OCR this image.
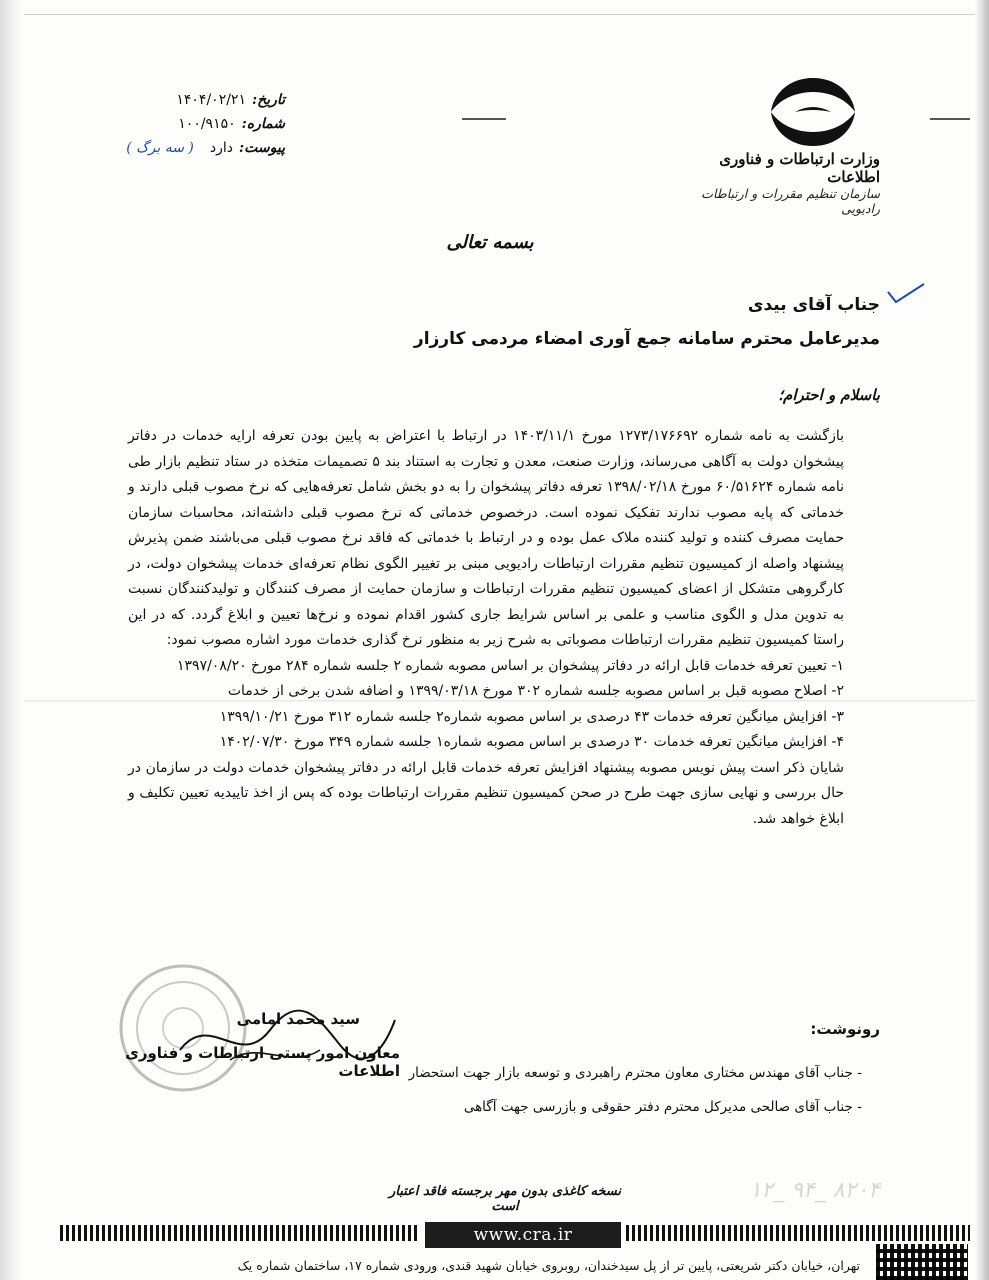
وزارت ارتباطات و فناوری اطلاعات
سازمان تنظیم مقررات و ارتباطات رادیویی
تاریخ:
۱۴۰۴/۰۲/۲۱
شماره:
۱۰۰/۹۱۵۰
پیوست:
دارد
( سه برگ )
بسمه تعالی
جناب آقای بیدی
مدیرعامل محترم سامانه جمع آوری امضاء مردمی کارزار
باسلام و احترام؛

بازگشت به نامه شماره ۱۲۷۳/۱۷۶۶۹۲ مورخ ۱۴۰۳/۱۱/۱ در ارتباط با اعتراض به پایین بودن تعرفه ارایه خدمات در دفاتر پیشخوان دولت به آگاهی می‌رساند، وزارت صنعت، معدن و تجارت به استناد بند ۵ تصمیمات متخذه در ستاد تنظیم بازار طی نامه شماره ۶۰/۵۱۶۲۴ مورخ ۱۳۹۸/۰۲/۱۸ تعرفه دفاتر پیشخوان را به دو بخش شامل تعرفه‌هایی که نرخ مصوب قبلی دارند و خدماتی که پایه مصوب ندارند تفکیک نموده است. درخصوص خدماتی که نرخ مصوب قبلی داشته‌اند، محاسبات سازمان حمایت مصرف کننده و تولید کننده ملاک عمل بوده و در ارتباط با خدماتی که فاقد نرخ مصوب قبلی می‌باشند ضمن پذیرش پیشنهاد واصله از کمیسیون تنظیم مقررات ارتباطات رادیویی مبنی بر تغییر الگوی نظام تعرفه‌ای خدمات پیشخوان دولت، در کارگروهی متشکل از اعضای کمیسیون تنظیم مقررات ارتباطات و سازمان حمایت از مصرف کنندگان و تولیدکنندگان نسبت به تدوین مدل و الگوی مناسب و علمی بر اساس شرایط جاری کشور اقدام نموده و نرخ‌ها تعیین و ابلاغ گردد. که در این راستا کمیسیون تنظیم مقررات ارتباطات مصوباتی به شرح زیر به منظور نرخ گذاری خدمات مورد اشاره مصوب نمود:

۱- تعیین تعرفه خدمات قابل ارائه در دفاتر پیشخوان بر اساس مصوبه شماره ۲ جلسه شماره ۲۸۴ مورخ ۱۳۹۷/۰۸/۲۰
۲- اصلاح مصوبه قبل بر اساس مصوبه جلسه شماره ۳۰۲ مورخ ۱۳۹۹/۰۳/۱۸ و اضافه شدن برخی از خدمات
۳- افزایش میانگین تعرفه خدمات ۴۳ درصدی بر اساس مصوبه شماره۲ جلسه شماره ۳۱۲ مورخ ۱۳۹۹/۱۰/۲۱
۴- افزایش میانگین تعرفه خدمات ۳۰ درصدی بر اساس مصوبه شماره۱ جلسه شماره ۳۴۹ مورخ ۱۴۰۲/۰۷/۳۰

شایان ذکر است پیش نویس مصوبه پیشنهاد افزایش تعرفه خدمات قابل ارائه در دفاتر پیشخوان خدمات دولت در سازمان در حال بررسی و نهایی سازی جهت طرح در صحن کمیسیون تنظیم مقررات ارتباطات بوده که پس از اخذ تاییدیه تعیین تکلیف و ابلاغ خواهد شد.

سید محمد امامی
معاون امور پستی ارتباطات و فناوری اطلاعات
رونوشت:
- جناب آقای مهندس مختاری معاون محترم راهبردی و توسعه بازار جهت استحضار
- جناب آقای صالحی مدیرکل محترم دفتر حقوقی و بازرسی جهت آگاهی
۱۲_ ۹۴_ ۸۲۰۴
نسخه کاغذی بدون مهر برجسته فاقد اعتبار است
www.cra.ir
تهران، خیابان دکتر شریعتی، پایین تر از پل سیدخندان، روبروی خیابان شهید قندی، ورودی شماره ۱۷، ساختمان شماره یک
